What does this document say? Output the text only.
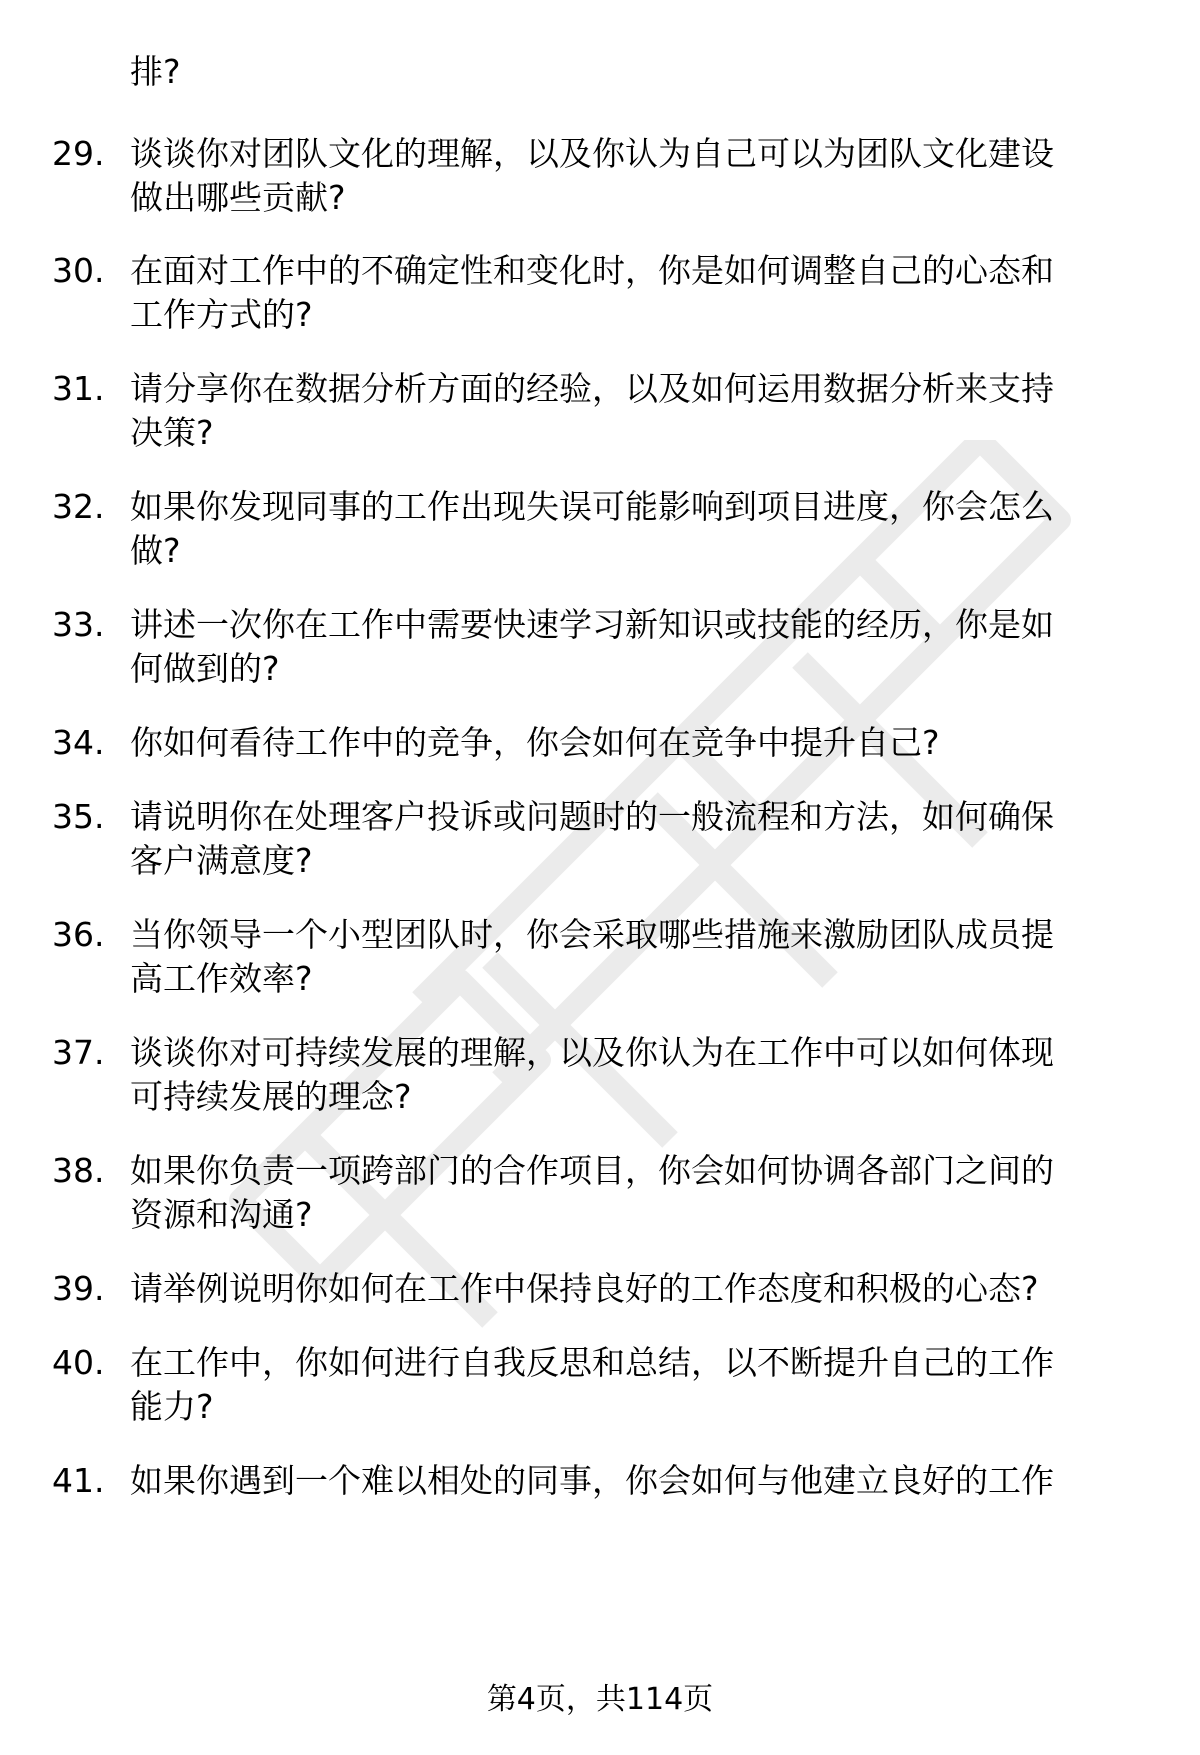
排?
29. 谈谈你对团队文化的理解，以及你认为自己可以为团队文化建设
做出哪些贡献?
30. 在面对工作中的不确定性和变化时，你是如何调整自己的心态和
工作方式的?
31. 请分享你在数据分析方面的经验，以及如何运用数据分析来支持
决策?
32. 如果你发现同事的工作出现失误可能影响到项目进度，你会怎么
做?
33. 讲述一次你在工作中需要快速学习新知识或技能的经历，你是如
何做到的?
34. 你如何看待工作中的竞争，你会如何在竞争中提升自己?
35. 请说明你在处理客户投诉或问题时的一般流程和方法，如何确保
客户满意度?
36. 当你领导一个小型团队时，你会采取哪些措施来激励团队成员提
高工作效率?
37. 谈谈你对可持续发展的理解，以及你认为在工作中可以如何体现
可持续发展的理念?
38. 如果你负责一项跨部门的合作项目，你会如何协调各部门之间的
资源和沟通?
39. 请举例说明你如何在工作中保持良好的工作态度和积极的心态?
40. 在工作中，你如何进行自我反思和总结，以不断提升自己的工作
能力?
41. 如果你遇到一个难以相处的同事，你会如何与他建立良好的工作
第4页，共114页
